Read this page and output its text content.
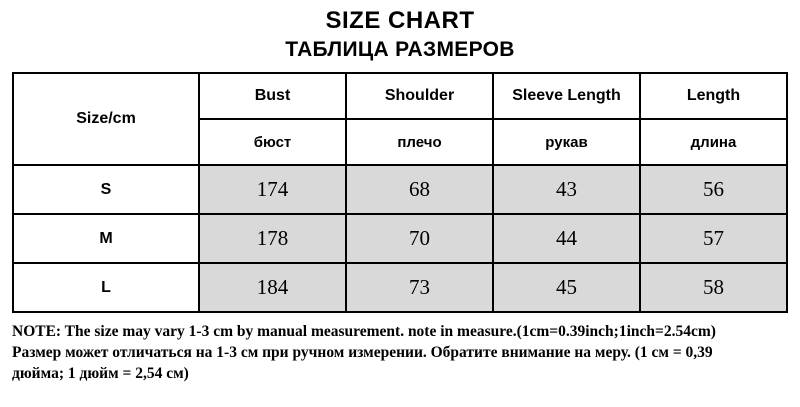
SIZE CHART
ТАБЛИЦА РАЗМЕРОВ
Size/cm	Bust	Shoulder	Sleeve Length	Length
	бюст	плечо	рукав	длина
S	174	68	43	56
M	178	70	44	57
L	184	73	45	58
NOTE: The size may vary 1-3 cm by manual measurement. note in measure.(1cm=0.39inch;1inch=2.54cm)
Размер может отличаться на 1-3 см при ручном измерении. Обратите внимание на меру. (1 см = 0,39
дюйма; 1 дюйм = 2,54 см)
